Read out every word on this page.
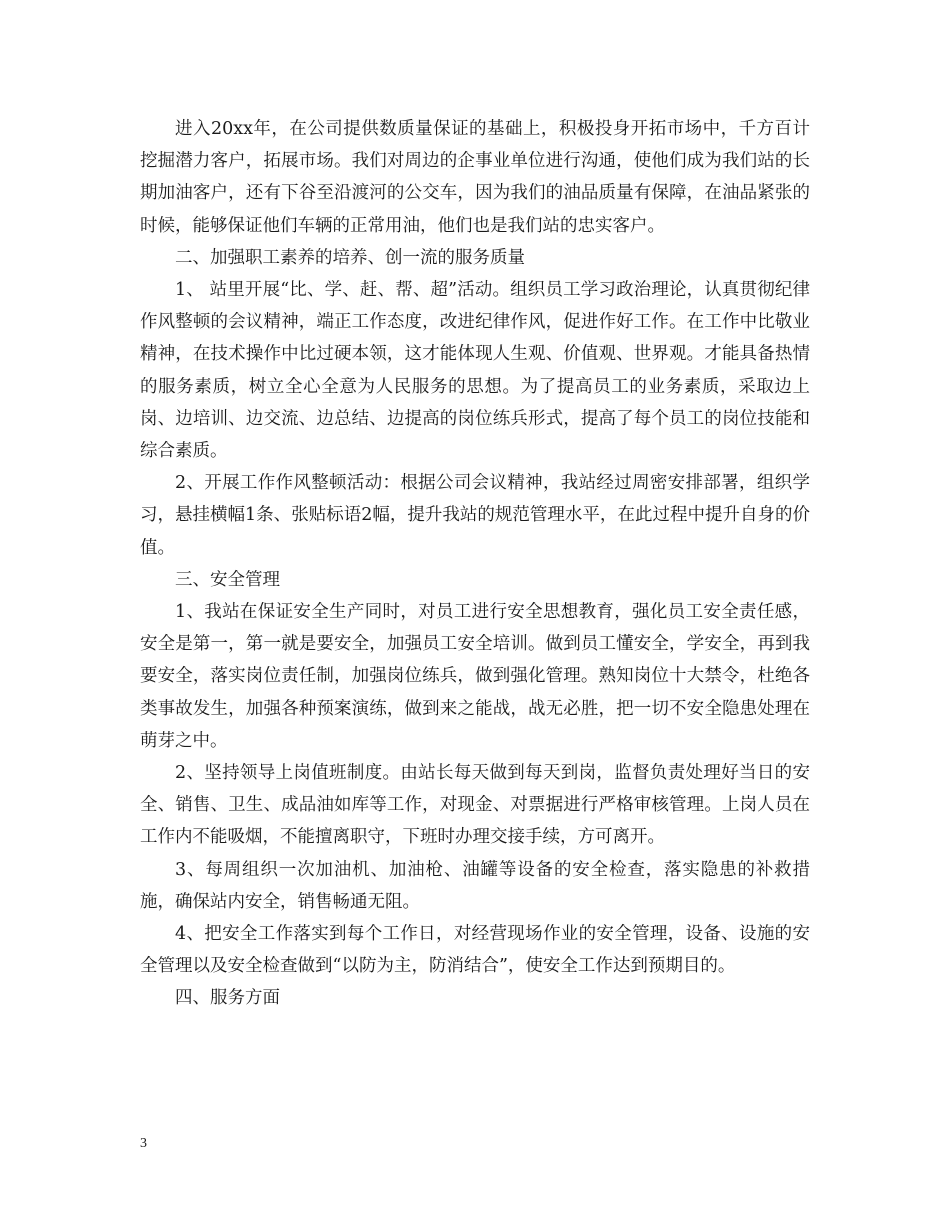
进入20xx年，在公司提供数质量保证的基础上，积极投身开拓市场中，千方百计挖掘潜力客户，拓展市场。我们对周边的企事业单位进行沟通，使他们成为我们站的长期加油客户，还有下谷至沿渡河的公交车，因为我们的油品质量有保障，在油品紧张的时候，能够保证他们车辆的正常用油，他们也是我们站的忠实客户。

二、加强职工素养的培养、创一流的服务质量

1、 站里开展“比、学、赶、帮、超”活动。组织员工学习政治理论，认真贯彻纪律作风整顿的会议精神，端正工作态度，改进纪律作风，促进作好工作。在工作中比敬业精神，在技术操作中比过硬本领，这才能体现人生观、价值观、世界观。才能具备热情的服务素质，树立全心全意为人民服务的思想。为了提高员工的业务素质，采取边上岗、边培训、边交流、边总结、边提高的岗位练兵形式，提高了每个员工的岗位技能和综合素质。

2、开展工作作风整顿活动：根据公司会议精神，我站经过周密安排部署，组织学习，悬挂横幅1条、张贴标语2幅，提升我站的规范管理水平，在此过程中提升自身的价值。

三、安全管理

1、我站在保证安全生产同时，对员工进行安全思想教育，强化员工安全责任感，安全是第一，第一就是要安全，加强员工安全培训。做到员工懂安全，学安全，再到我要安全，落实岗位责任制，加强岗位练兵，做到强化管理。熟知岗位十大禁令，杜绝各类事故发生，加强各种预案演练，做到来之能战，战无必胜，把一切不安全隐患处理在萌芽之中。

2、坚持领导上岗值班制度。由站长每天做到每天到岗，监督负责处理好当日的安全、销售、卫生、成品油如库等工作，对现金、对票据进行严格审核管理。上岗人员在工作内不能吸烟，不能擅离职守，下班时办理交接手续，方可离开。

3、每周组织一次加油机、加油枪、油罐等设备的安全检查，落实隐患的补救措施，确保站内安全，销售畅通无阻。

4、把安全工作落实到每个工作日，对经营现场作业的安全管理，设备、设施的安全管理以及安全检查做到“以防为主，防消结合”，使安全工作达到预期目的。

四、服务方面

3
